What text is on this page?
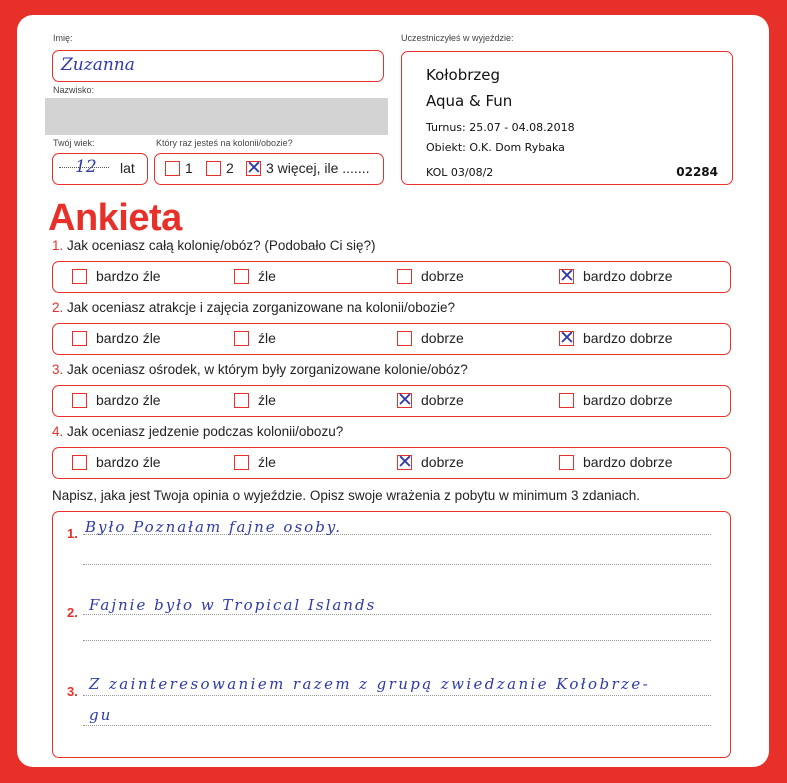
Imię:
Zuzanna
Nazwisko:
Twój wiek:
12 lat
Który raz jesteś na kolonii/obozie?
1 2 ✕ 3 więcej, ile .......
Uczestniczyłeś w wyjeździe:
Kołobrzeg
Aqua & Fun
Turnus: 25.07 - 04.08.2018
Obiekt: O.K. Dom Rybaka
KOL 03/08/2	02284
Ankieta
1. Jak oceniasz całą kolonię/obóz? (Podobało Ci się?)
bardzo źle	źle	dobrze ✕	bardzo dobrze
2. Jak oceniasz atrakcje i zajęcia zorganizowane na kolonii/obozie?
bardzo źle	źle	dobrze ✕	bardzo dobrze
3. Jak oceniasz ośrodek, w którym były zorganizowane kolonie/obóz?
bardzo źle	źle ✕	dobrze	bardzo dobrze
4. Jak oceniasz jedzenie podczas kolonii/obozu?
bardzo źle	źle ✕	dobrze	bardzo dobrze
Napisz, jaka jest Twoja opinia o wyjeździe. Opisz swoje wrażenia z pobytu w minimum 3 zdaniach.
1. Było Poznałam fajne osoby.
2. Fajnie było w Tropical Islands
3. Z zainteresowaniem razem z grupą zwiedzanie Kołobrze-
gu
